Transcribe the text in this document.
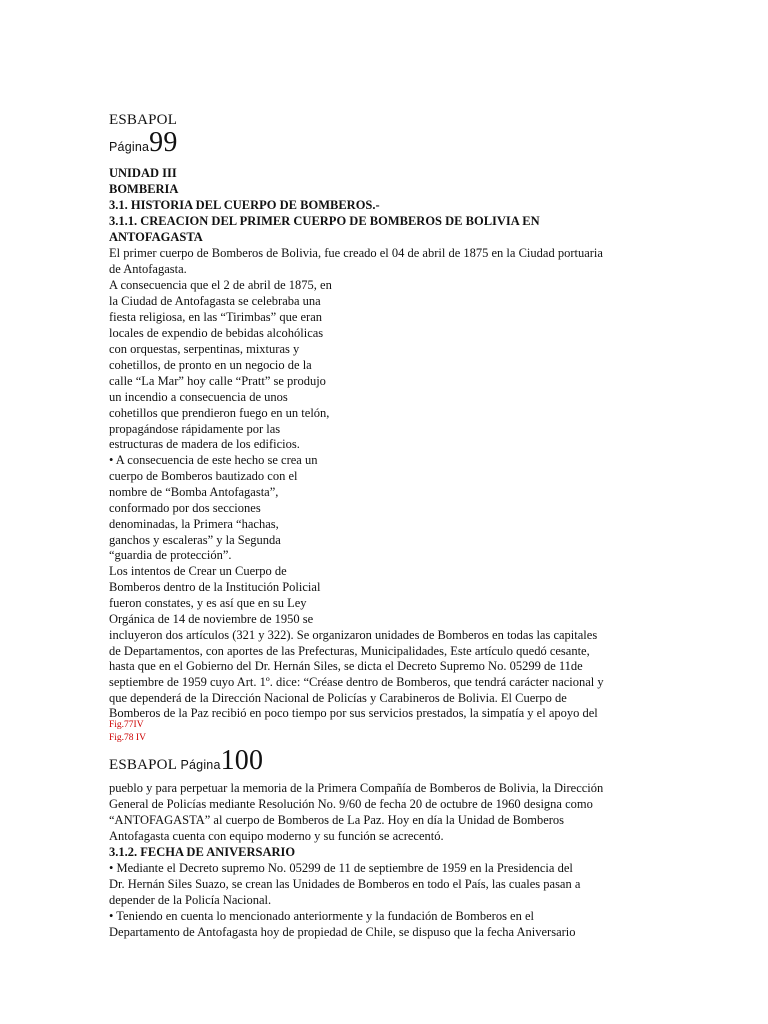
ESBAPOL
Página99
UNIDAD III
BOMBERIA
3.1. HISTORIA DEL CUERPO DE BOMBEROS.-
3.1.1. CREACION DEL PRIMER CUERPO DE BOMBEROS DE BOLIVIA EN
ANTOFAGASTA
El primer cuerpo de Bomberos de Bolivia, fue creado el 04 de abril de 1875 en la Ciudad portuaria
de Antofagasta.
A consecuencia que el 2 de abril de 1875, en
la Ciudad de Antofagasta se celebraba una
fiesta religiosa, en las “Tirimbas” que eran
locales de expendio de bebidas alcohólicas
con orquestas, serpentinas, mixturas y
cohetillos, de pronto en un negocio de la
calle “La Mar” hoy calle “Pratt” se produjo
un incendio a consecuencia de unos
cohetillos que prendieron fuego en un telón,
propagándose rápidamente por las
estructuras de madera de los edificios.
• A consecuencia de este hecho se crea un
cuerpo de Bomberos bautizado con el
nombre de “Bomba Antofagasta”,
conformado por dos secciones
denominadas, la Primera “hachas,
ganchos y escaleras” y la Segunda
“guardia de protección”.
Los intentos de Crear un Cuerpo de
Bomberos dentro de la Institución Policial
fueron constates, y es así que en su Ley
Orgánica de 14 de noviembre de 1950 se
incluyeron dos artículos (321 y 322). Se organizaron unidades de Bomberos en todas las capitales
de Departamentos, con aportes de las Prefecturas, Municipalidades, Este artículo quedó cesante,
hasta que en el Gobierno del Dr. Hernán Siles, se dicta el Decreto Supremo No. 05299 de 11de
septiembre de 1959 cuyo Art. 1º. dice: “Créase dentro de Bomberos, que tendrá carácter nacional y
que dependerá de la Dirección Nacional de Policías y Carabineros de Bolivia. El Cuerpo de
Bomberos de la Paz recibió en poco tiempo por sus servicios prestados, la simpatía y el apoyo del
Fig.77IV
Fig.78 IV
ESBAPOL Página100
pueblo y para perpetuar la memoria de la Primera Compañía de Bomberos de Bolivia, la Dirección
General de Policías mediante Resolución No. 9/60 de fecha 20 de octubre de 1960 designa como
“ANTOFAGASTA” al cuerpo de Bomberos de La Paz. Hoy en día la Unidad de Bomberos
Antofagasta cuenta con equipo moderno y su función se acrecentó.
3.1.2. FECHA DE ANIVERSARIO
• Mediante el Decreto supremo No. 05299 de 11 de septiembre de 1959 en la Presidencia del
Dr. Hernán Siles Suazo, se crean las Unidades de Bomberos en todo el País, las cuales pasan a
depender de la Policía Nacional.
• Teniendo en cuenta lo mencionado anteriormente y la fundación de Bomberos en el
Departamento de Antofagasta hoy de propiedad de Chile, se dispuso que la fecha Aniversario
